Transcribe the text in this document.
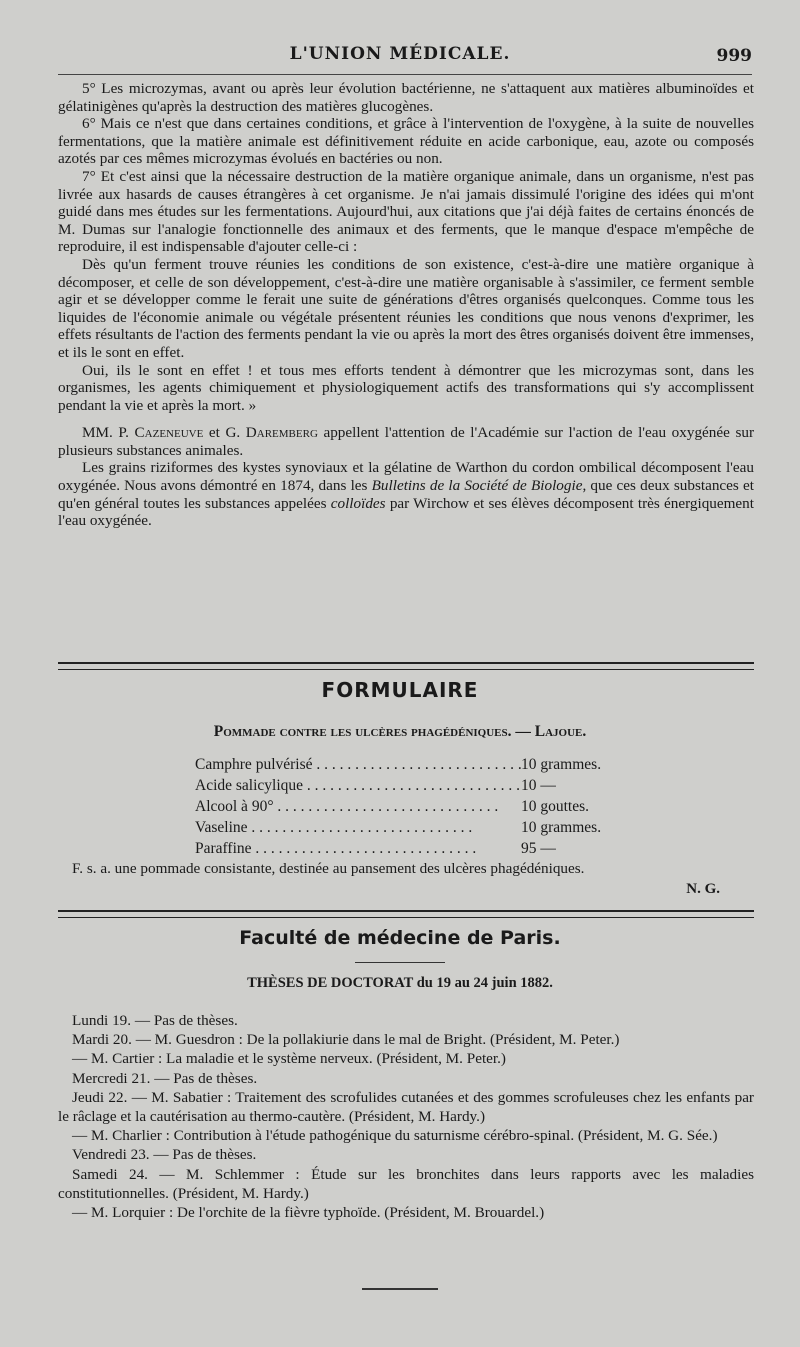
L'UNION MÉDICALE.	999

5° Les microzymas, avant ou après leur évolution bactérienne, ne s'attaquent aux matières albuminoïdes et gélatinigènes qu'après la destruction des matières glucogènes.

6° Mais ce n'est que dans certaines conditions, et grâce à l'intervention de l'oxygène, à la suite de nouvelles fermentations, que la matière animale est définitivement réduite en acide carbonique, eau, azote ou composés azotés par ces mêmes microzymas évolués en bactéries ou non.

7° Et c'est ainsi que la nécessaire destruction de la matière organique animale, dans un organisme, n'est pas livrée aux hasards de causes étrangères à cet organisme. Je n'ai jamais dissimulé l'origine des idées qui m'ont guidé dans mes études sur les fermentations. Aujourd'hui, aux citations que j'ai déjà faites de certains énoncés de M. Dumas sur l'analogie fonctionnelle des animaux et des ferments, que le manque d'espace m'empêche de reproduire, il est indispensable d'ajouter celle-ci :

Dès qu'un ferment trouve réunies les conditions de son existence, c'est-à-dire une matière organique à décomposer, et celle de son développement, c'est-à-dire une matière organisable à s'assimiler, ce ferment semble agir et se développer comme le ferait une suite de générations d'êtres organisés quelconques. Comme tous les liquides de l'économie animale ou végétale présentent réunies les conditions que nous venons d'exprimer, les effets résultants de l'action des ferments pendant la vie ou après la mort des êtres organisés doivent être immenses, et ils le sont en effet.

Oui, ils le sont en effet ! et tous mes efforts tendent à démontrer que les microzymas sont, dans les organismes, les agents chimiquement et physiologiquement actifs des transformations qui s'y accomplissent pendant la vie et après la mort. »

MM. P. Cazeneuve et G. Daremberg appellent l'attention de l'Académie sur l'action de l'eau oxygénée sur plusieurs substances animales.

Les grains riziformes des kystes synoviaux et la gélatine de Warthon du cordon ombilical décomposent l'eau oxygénée. Nous avons démontré en 1874, dans les Bulletins de la Société de Biologie, que ces deux substances et qu'en général toutes les substances appelées colloïdes par Wirchow et ses élèves décomposent très énergiquement l'eau oxygénée.

FORMULAIRE
Pommade contre les ulcères phagédéniques. — Lajoue.
Camphre pulvérisé . . .	10 grammes.
Acide salicylique . . .	10 —
Alcool à 90° . . .	10 gouttes.
Vaseline . . .	10 grammes.
Paraffine . . .	95 —
F. s. a. une pommade consistante, destinée au pansement des ulcères phagédéniques.
N. G.
Faculté de médecine de Paris.
THÈSES DE DOCTORAT du 19 au 24 juin 1882.
Lundi 19. — Pas de thèses.
Mardi 20. — M. Guesdron : De la pollakiurie dans le mal de Bright. (Président, M. Peter.)
— M. Cartier : La maladie et le système nerveux. (Président, M. Peter.)
Mercredi 21. — Pas de thèses.
Jeudi 22. — M. Sabatier : Traitement des scrofulides cutanées et des gommes scrofuleuses chez les enfants par le râclage et la cautérisation au thermo-cautère. (Président, M. Hardy.)
— M. Charlier : Contribution à l'étude pathogénique du saturnisme cérébro-spinal. (Président, M. G. Sée.)
Vendredi 23. — Pas de thèses.
Samedi 24. — M. Schlemmer : Étude sur les bronchites dans leurs rapports avec les maladies constitutionnelles. (Président, M. Hardy.)
— M. Lorquier : De l'orchite de la fièvre typhoïde. (Président, M. Brouardel.)
